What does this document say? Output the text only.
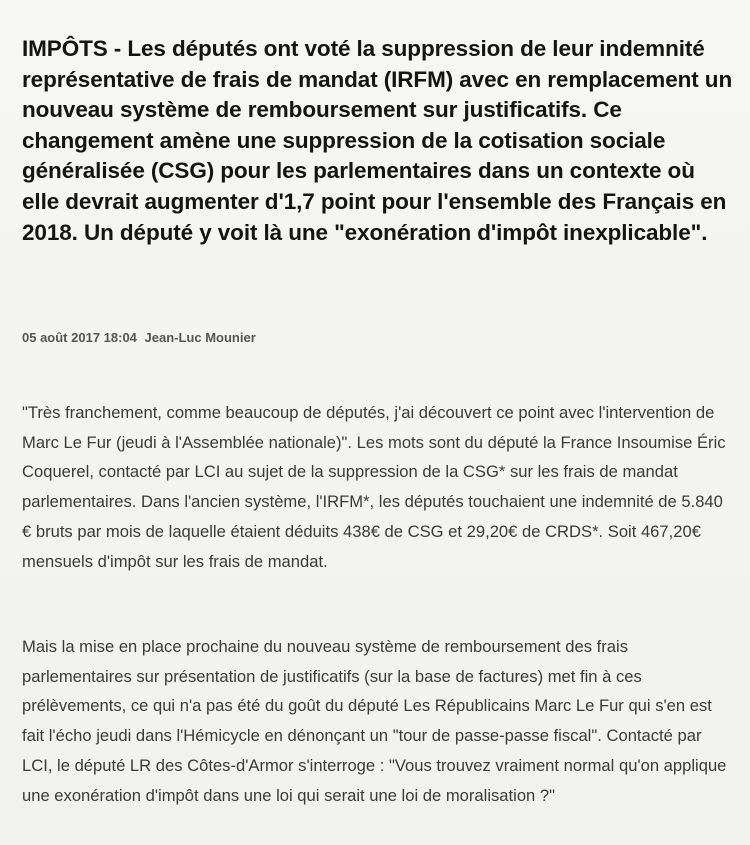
IMPÔTS - Les députés ont voté la suppression de leur indemnité représentative de frais de mandat (IRFM) avec en remplacement un nouveau système de remboursement sur justificatifs. Ce changement amène une suppression de la cotisation sociale généralisée (CSG) pour les parlementaires dans un contexte où elle devrait augmenter d'1,7 point pour l'ensemble des Français en 2018. Un député y voit là une "exonération d'impôt inexplicable".
05 août 2017 18:04 Jean-Luc Mounier

"Très franchement, comme beaucoup de députés, j'ai découvert ce point avec l'intervention de Marc Le Fur (jeudi à l'Assemblée nationale)". Les mots sont du député la France Insoumise Éric Coquerel, contacté par LCI au sujet de la suppression de la CSG* sur les frais de mandat parlementaires. Dans l'ancien système, l'IRFM*, les députés touchaient une indemnité de 5.840 € bruts par mois de laquelle étaient déduits 438€ de CSG et 29,20€ de CRDS*. Soit 467,20€ mensuels d'impôt sur les frais de mandat.

Mais la mise en place prochaine du nouveau système de remboursement des frais parlementaires sur présentation de justificatifs (sur la base de factures) met fin à ces prélèvements, ce qui n'a pas été du goût du député Les Républicains Marc Le Fur qui s'en est fait l'écho jeudi dans l'Hémicycle en dénonçant un "tour de passe-passe fiscal". Contacté par LCI, le député LR des Côtes-d'Armor s'interroge : "Vous trouvez vraiment normal qu'on applique une exonération d'impôt dans une loi qui serait une loi de moralisation ?"
